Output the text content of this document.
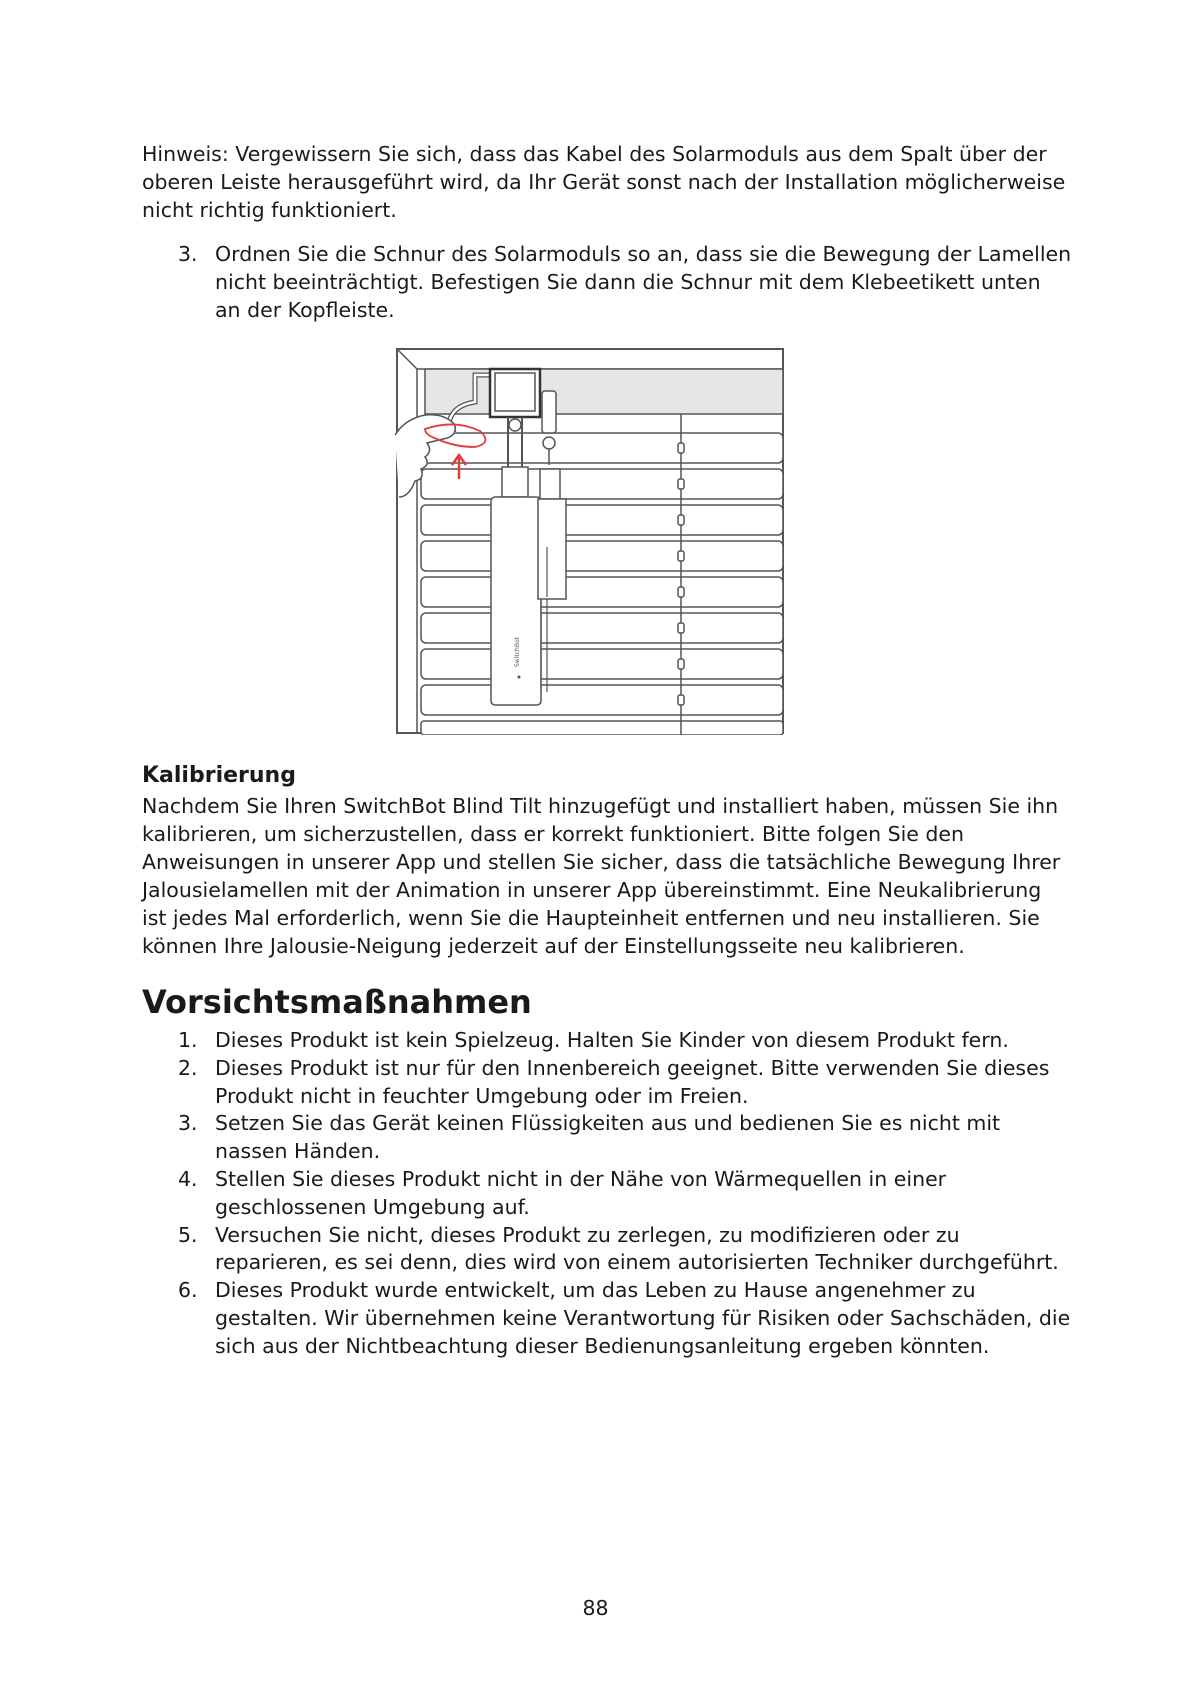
Hinweis: Vergewissern Sie sich, dass das Kabel des Solarmoduls aus dem Spalt über der oberen Leiste herausgeführt wird, da Ihr Gerät sonst nach der Installation möglicherweise nicht richtig funktioniert.

3. Ordnen Sie die Schnur des Solarmoduls so an, dass sie die Bewegung der Lamellen nicht beeinträchtigt. Befestigen Sie dann die Schnur mit dem Klebeetikett unten an der Kopfleiste.
SwitchBot
Kalibrierung

Nachdem Sie Ihren SwitchBot Blind Tilt hinzugefügt und installiert haben, müssen Sie ihn kalibrieren, um sicherzustellen, dass er korrekt funktioniert. Bitte folgen Sie den Anweisungen in unserer App und stellen Sie sicher, dass die tatsächliche Bewegung Ihrer Jalousielamellen mit der Animation in unserer App übereinstimmt. Eine Neukalibrierung ist jedes Mal erforderlich, wenn Sie die Haupteinheit entfernen und neu installieren. Sie können Ihre Jalousie-Neigung jederzeit auf der Einstellungsseite neu kalibrieren.

Vorsichtsmaßnahmen
1. Dieses Produkt ist kein Spielzeug. Halten Sie Kinder von diesem Produkt fern.
2. Dieses Produkt ist nur für den Innenbereich geeignet. Bitte verwenden Sie dieses Produkt nicht in feuchter Umgebung oder im Freien.
3. Setzen Sie das Gerät keinen Flüssigkeiten aus und bedienen Sie es nicht mit nassen Händen.
4. Stellen Sie dieses Produkt nicht in der Nähe von Wärmequellen in einer geschlossenen Umgebung auf.
5. Versuchen Sie nicht, dieses Produkt zu zerlegen, zu modifizieren oder zu reparieren, es sei denn, dies wird von einem autorisierten Techniker durchgeführt.
6. Dieses Produkt wurde entwickelt, um das Leben zu Hause angenehmer zu gestalten. Wir übernehmen keine Verantwortung für Risiken oder Sachschäden, die sich aus der Nichtbeachtung dieser Bedienungsanleitung ergeben könnten.

88
